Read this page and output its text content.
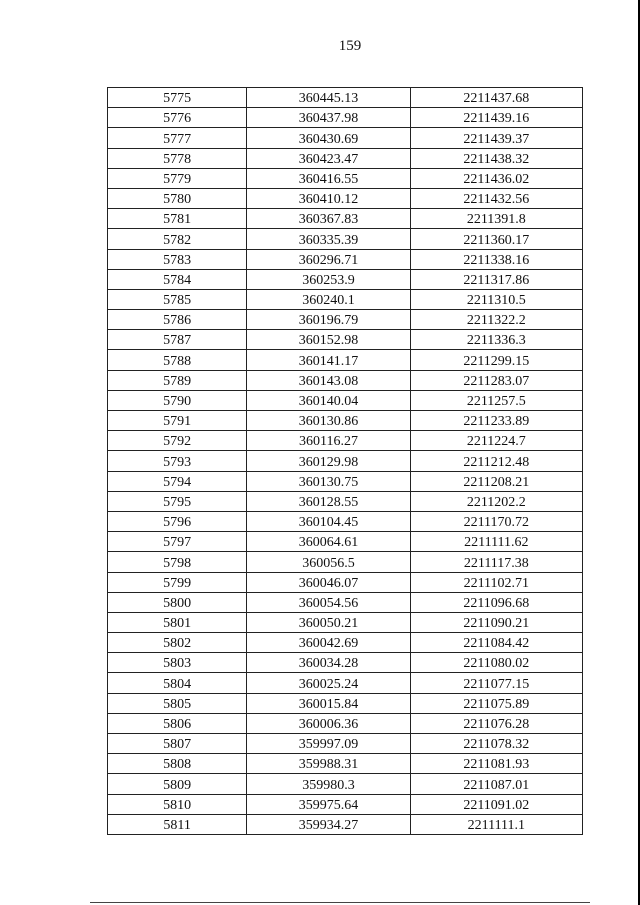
159
5775	360445.13	2211437.68
5776	360437.98	2211439.16
5777	360430.69	2211439.37
5778	360423.47	2211438.32
5779	360416.55	2211436.02
5780	360410.12	2211432.56
5781	360367.83	2211391.8
5782	360335.39	2211360.17
5783	360296.71	2211338.16
5784	360253.9	2211317.86
5785	360240.1	2211310.5
5786	360196.79	2211322.2
5787	360152.98	2211336.3
5788	360141.17	2211299.15
5789	360143.08	2211283.07
5790	360140.04	2211257.5
5791	360130.86	2211233.89
5792	360116.27	2211224.7
5793	360129.98	2211212.48
5794	360130.75	2211208.21
5795	360128.55	2211202.2
5796	360104.45	2211170.72
5797	360064.61	2211111.62
5798	360056.5	2211117.38
5799	360046.07	2211102.71
5800	360054.56	2211096.68
5801	360050.21	2211090.21
5802	360042.69	2211084.42
5803	360034.28	2211080.02
5804	360025.24	2211077.15
5805	360015.84	2211075.89
5806	360006.36	2211076.28
5807	359997.09	2211078.32
5808	359988.31	2211081.93
5809	359980.3	2211087.01
5810	359975.64	2211091.02
5811	359934.27	2211111.1
